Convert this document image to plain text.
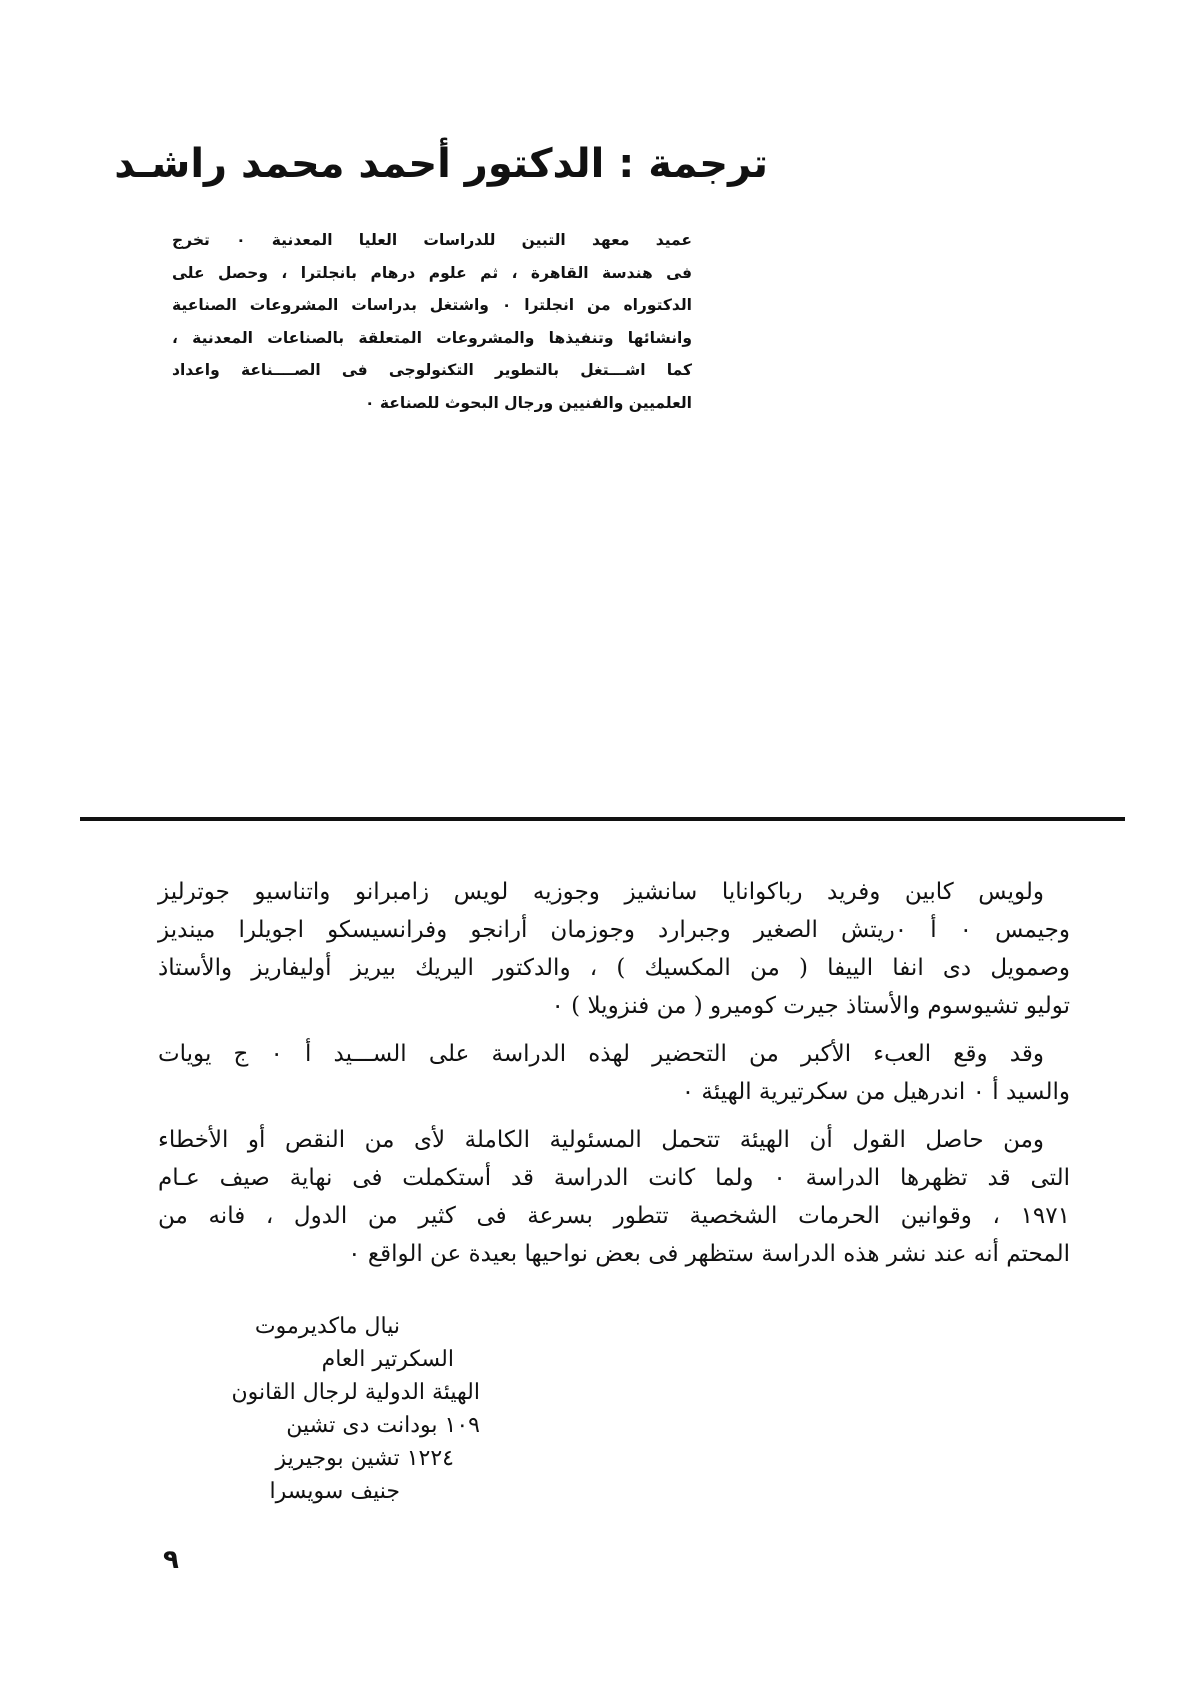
ترجمة : الدكتور أحمد محمد راشـد
عميد معهد التبين للدراسات العليا المعدنية ٠ تخرج
فى هندسة القاهرة ، ثم علوم درهام بانجلترا ، وحصل على
الدكتوراه من انجلترا ٠ واشتغل بدراسات المشروعات الصناعية
وانشائها وتنفيذها والمشروعات المتعلقة بالصناعات المعدنية ،
كما اشـــتغل بالتطوير التكنولوجى فى الصــــناعة واعداد
العلميين والفنيين ورجال البحوث للصناعة ٠
ولويس كابين وفريد رباكوانايا سانشيز وجوزيه لويس زامبرانو واتناسيو جوترليز
وجيمس ٠ أ ٠ريتش الصغير وجبرارد وجوزمان أرانجو وفرانسيسكو اجويلرا مينديز
وصمويل دى انفا الييفا ( من المكسيك ) ، والدكتور اليريك بيريز أوليفاريز والأستاذ
توليو تشيوسوم والأستاذ جيرت كوميرو ( من فنزويلا ) ٠
وقد وقع العبء الأكبر من التحضير لهذه الدراسة على الســـيد أ ٠ ج يويات
والسيد أ ٠ اندرهيل من سكرتيرية الهيئة ٠
ومن حاصل القول أن الهيئة تتحمل المسئولية الكاملة لأى من النقص أو الأخطاء
التى قد تظهرها الدراسة ٠ ولما كانت الدراسة قد أستكملت فى نهاية صيف عـام
١٩٧١ ، وقوانين الحرمات الشخصية تتطور بسرعة فى كثير من الدول ، فانه من
المحتم أنه عند نشر هذه الدراسة ستظهر فى بعض نواحيها بعيدة عن الواقع ٠
نيال ماكديرموت
السكرتير العام
الهيئة الدولية لرجال القانون
١٠٩ بودانت دى تشين
١٢٢٤ تشين بوجيريز
جنيف سويسرا
٩
